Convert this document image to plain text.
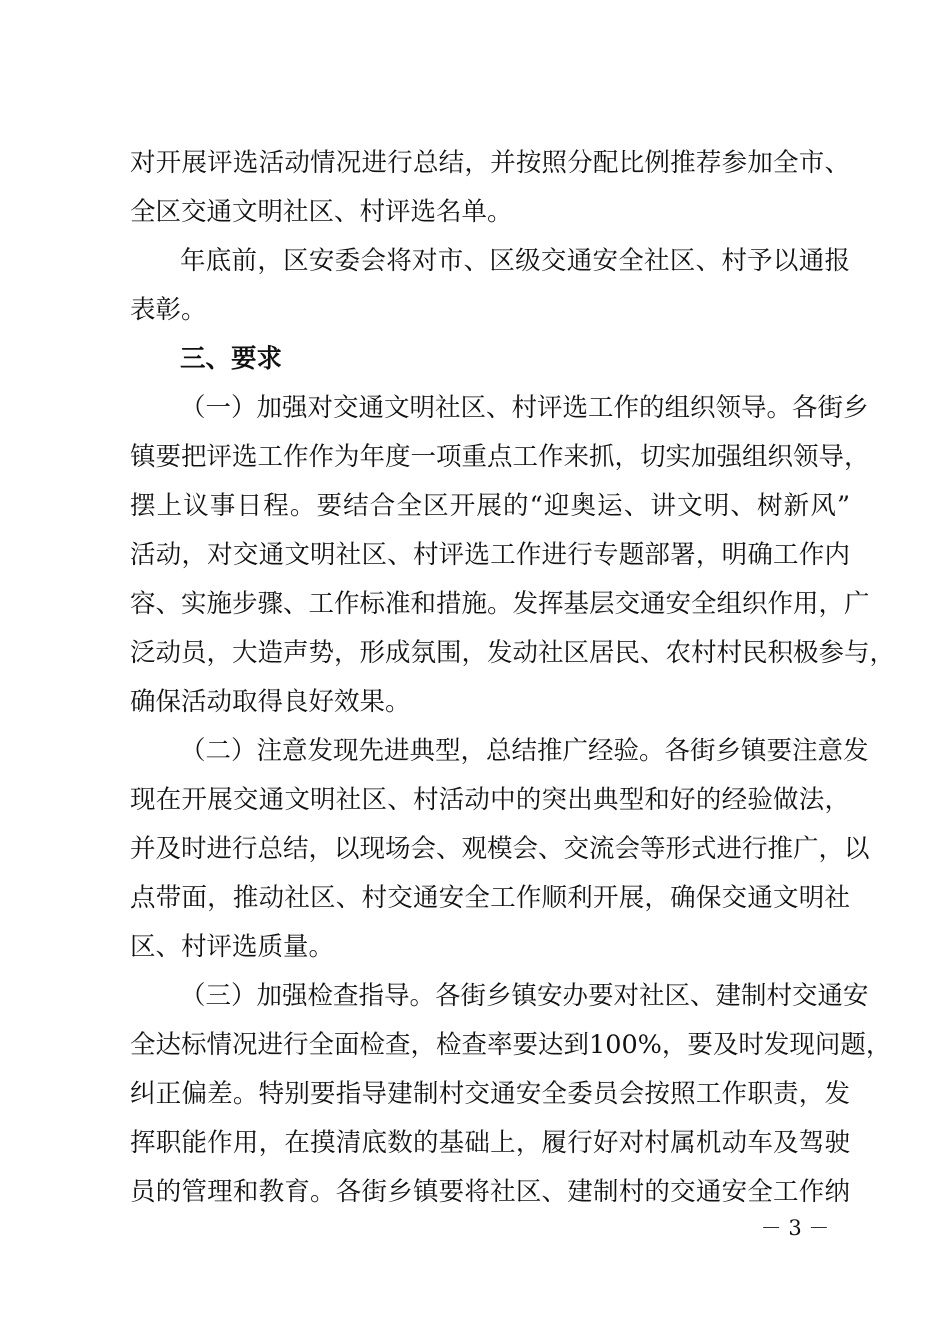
对开展评选活动情况进行总结，并按照分配比例推荐参加全市、
全区交通文明社区、村评选名单。
年底前，区安委会将对市、区级交通安全社区、村予以通报
表彰。
三、要求
（一）加强对交通文明社区、村评选工作的组织领导。各街乡
镇要把评选工作作为年度一项重点工作来抓，切实加强组织领导，
摆上议事日程。要结合全区开展的“迎奥运、讲文明、树新风”
活动，对交通文明社区、村评选工作进行专题部署，明确工作内
容、实施步骤、工作标准和措施。发挥基层交通安全组织作用，广
泛动员，大造声势，形成氛围，发动社区居民、农村村民积极参与，
确保活动取得良好效果。
（二）注意发现先进典型，总结推广经验。各街乡镇要注意发
现在开展交通文明社区、村活动中的突出典型和好的经验做法，
并及时进行总结，以现场会、观模会、交流会等形式进行推广，以
点带面，推动社区、村交通安全工作顺利开展，确保交通文明社
区、村评选质量。
（三）加强检查指导。各街乡镇安办要对社区、建制村交通安
全达标情况进行全面检查，检查率要达到100%，要及时发现问题，
纠正偏差。特别要指导建制村交通安全委员会按照工作职责，发
挥职能作用，在摸清底数的基础上，履行好对村属机动车及驾驶
员的管理和教育。各街乡镇要将社区、建制村的交通安全工作纳
－ 3 －
